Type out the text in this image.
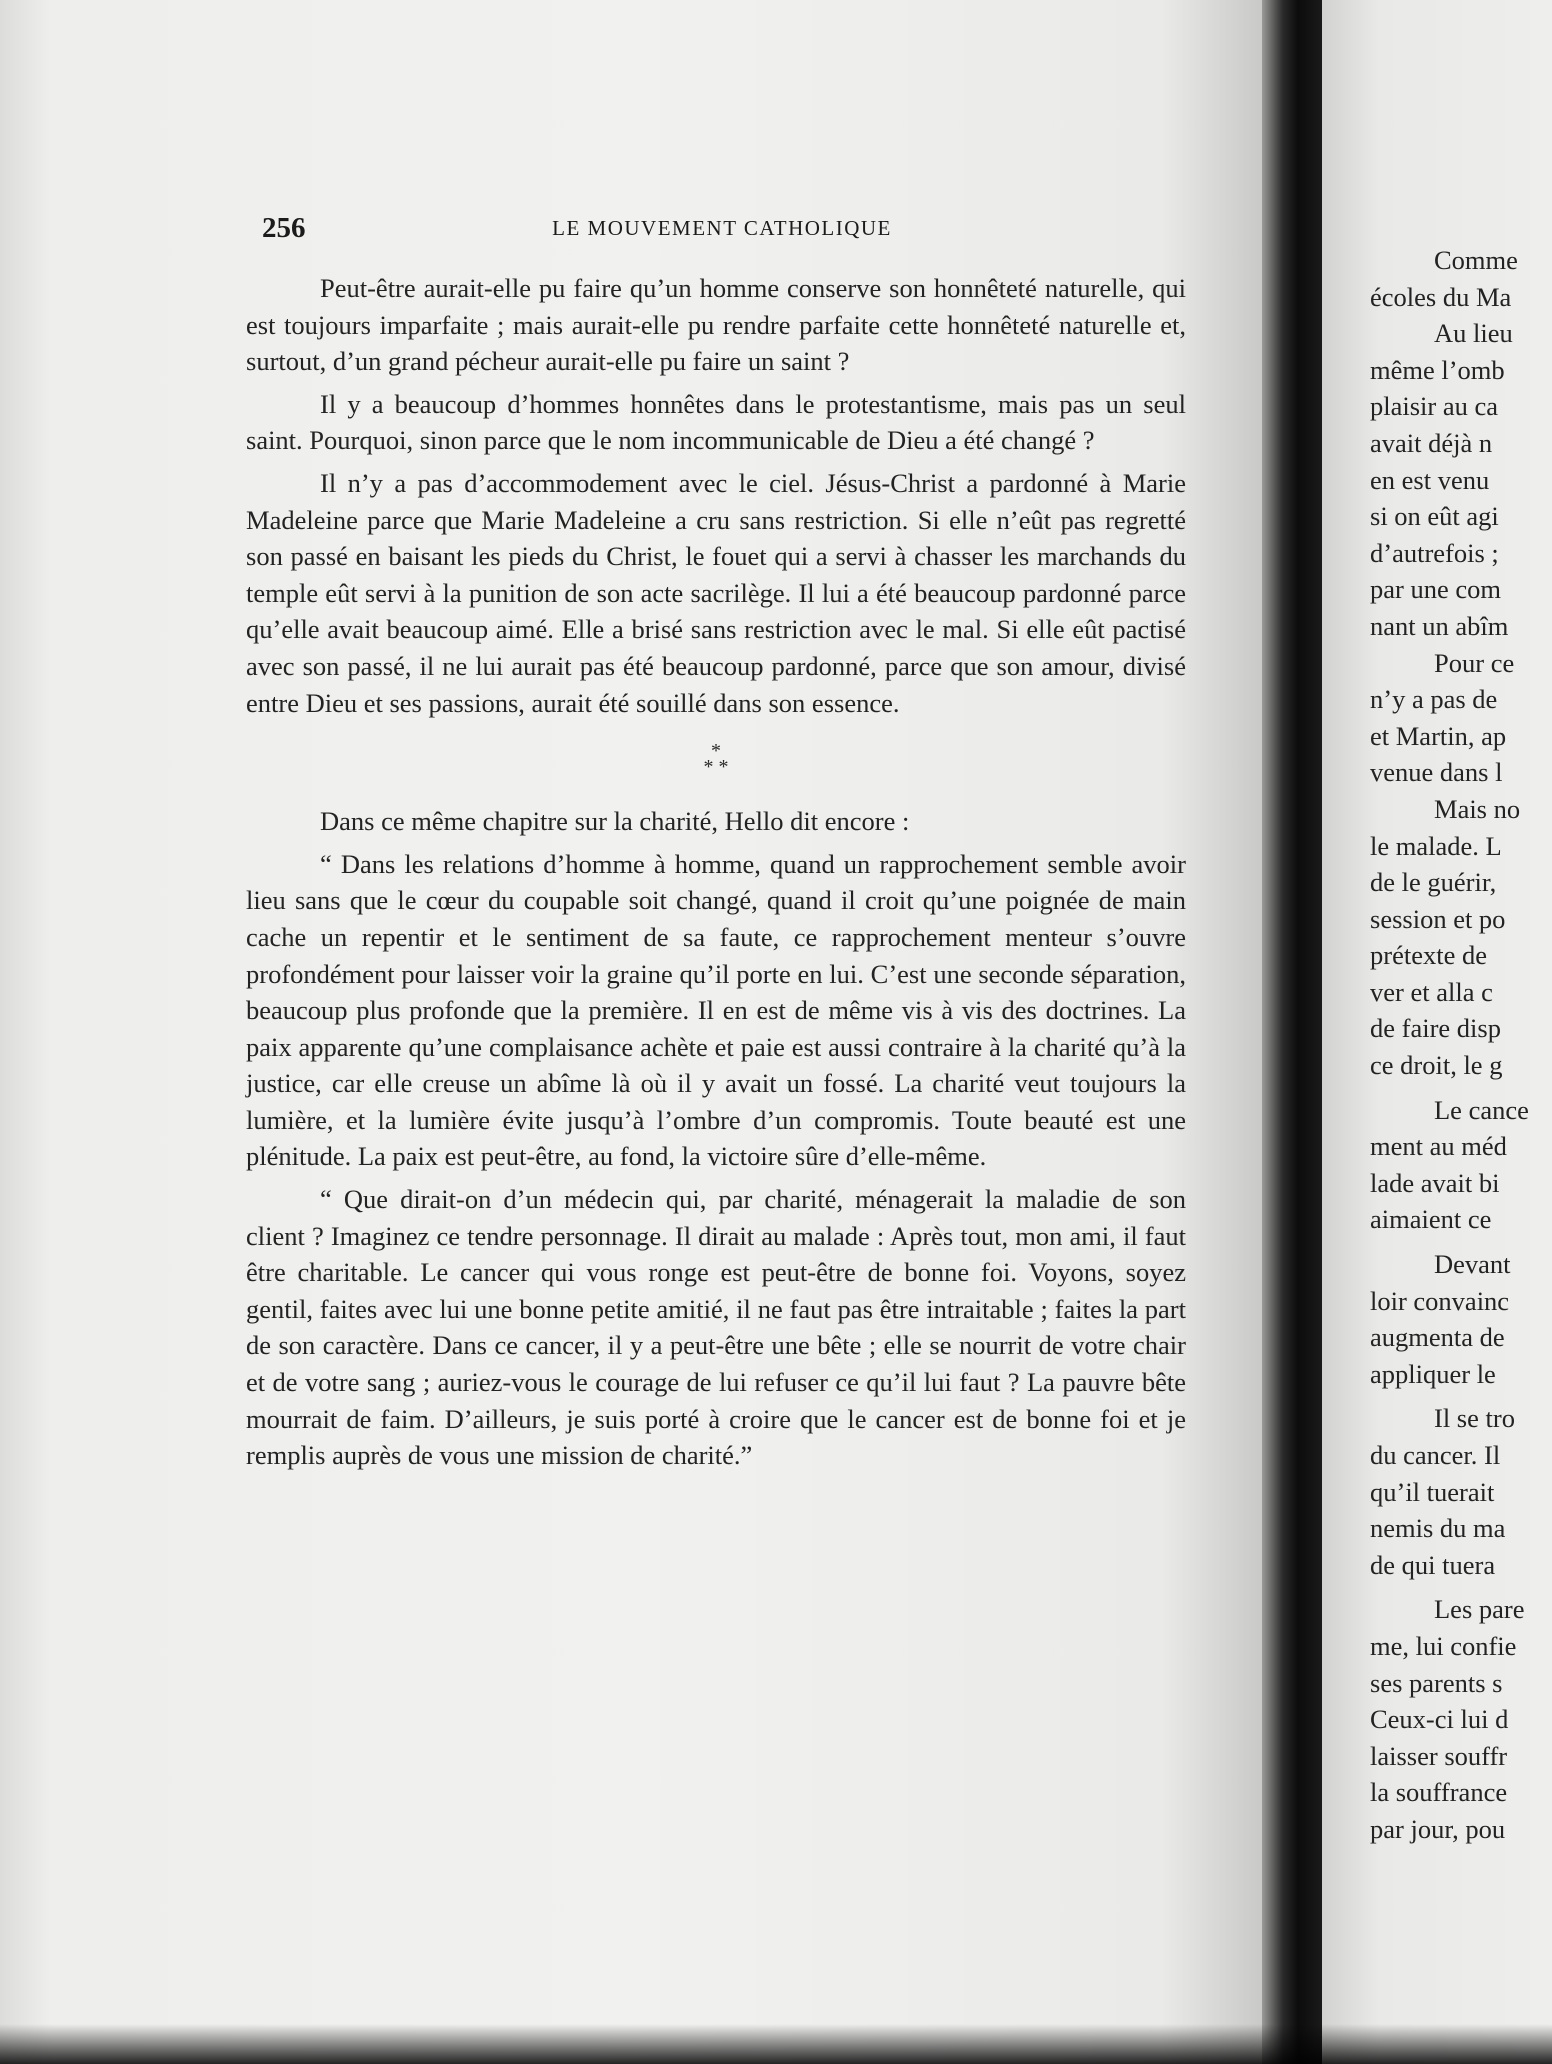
256	LE MOUVEMENT CATHOLIQUE

Peut-être aurait-elle pu faire qu’un homme conserve son honnêteté naturelle, qui est toujours imparfaite ; mais aurait-elle pu rendre parfaite cette honnêteté naturelle et, surtout, d’un grand pécheur aurait-elle pu faire un saint ?

Il y a beaucoup d’hommes honnêtes dans le protestantisme, mais pas un seul saint. Pourquoi, sinon parce que le nom incommunicable de Dieu a été changé ?

Il n’y a pas d’accommodement avec le ciel. Jésus-Christ a pardonné à Marie Madeleine parce que Marie Madeleine a cru sans restriction. Si elle n’eût pas regretté son passé en baisant les pieds du Christ, le fouet qui a servi à chasser les marchands du temple eût servi à la punition de son acte sacrilège. Il lui a été beaucoup pardonné parce qu’elle avait beaucoup aimé. Elle a brisé sans restriction avec le mal. Si elle eût pactisé avec son passé, il ne lui aurait pas été beaucoup pardonné, parce que son amour, divisé entre Dieu et ses passions, aurait été souillé dans son essence.

*
* *

Dans ce même chapitre sur la charité, Hello dit encore :

“ Dans les relations d’homme à homme, quand un rapprochement semble avoir lieu sans que le cœur du coupable soit changé, quand il croit qu’une poignée de main cache un repentir et le sentiment de sa faute, ce rapprochement menteur s’ouvre profondément pour laisser voir la graine qu’il porte en lui. C’est une seconde séparation, beaucoup plus profonde que la première. Il en est de même vis à vis des doctrines. La paix apparente qu’une complaisance achète et paie est aussi contraire à la charité qu’à la justice, car elle creuse un abîme là où il y avait un fossé. La charité veut toujours la lumière, et la lumière évite jusqu’à l’ombre d’un compromis. Toute beauté est une plénitude. La paix est peut-être, au fond, la victoire sûre d’elle-même.

“ Que dirait-on d’un médecin qui, par charité, ménagerait la maladie de son client ? Imaginez ce tendre personnage. Il dirait au malade : Après tout, mon ami, il faut être charitable. Le cancer qui vous ronge est peut-être de bonne foi. Voyons, soyez gentil, faites avec lui une bonne petite amitié, il ne faut pas être intraitable ; faites la part de son caractère. Dans ce cancer, il y a peut-être une bête ; elle se nourrit de votre chair et de votre sang ; auriez-vous le courage de lui refuser ce qu’il lui faut ? La pauvre bête mourrait de faim. D’ailleurs, je suis porté à croire que le cancer est de bonne foi et je remplis auprès de vous une mission de charité.”

Comme
écoles du Ma
Au lieu
même l’omb
plaisir au ca
avait déjà n
en est venu
si on eût agi
d’autrefois ;
par une com
nant un abîm
Pour ce
n’y a pas de
et Martin, ap
venue dans l
Mais no
le malade. L
de le guérir,
session et po
prétexte de
ver et alla c
de faire disp
ce droit, le g
Le cance
ment au méd
lade avait bi
aimaient ce
Devant
loir convainc
augmenta de
appliquer le
Il se tro
du cancer. Il
qu’il tuerait
nemis du ma
de qui tuera
Les pare
me, lui confie
ses parents s
Ceux-ci lui d
laisser souffr
la souffrance
par jour, pou
